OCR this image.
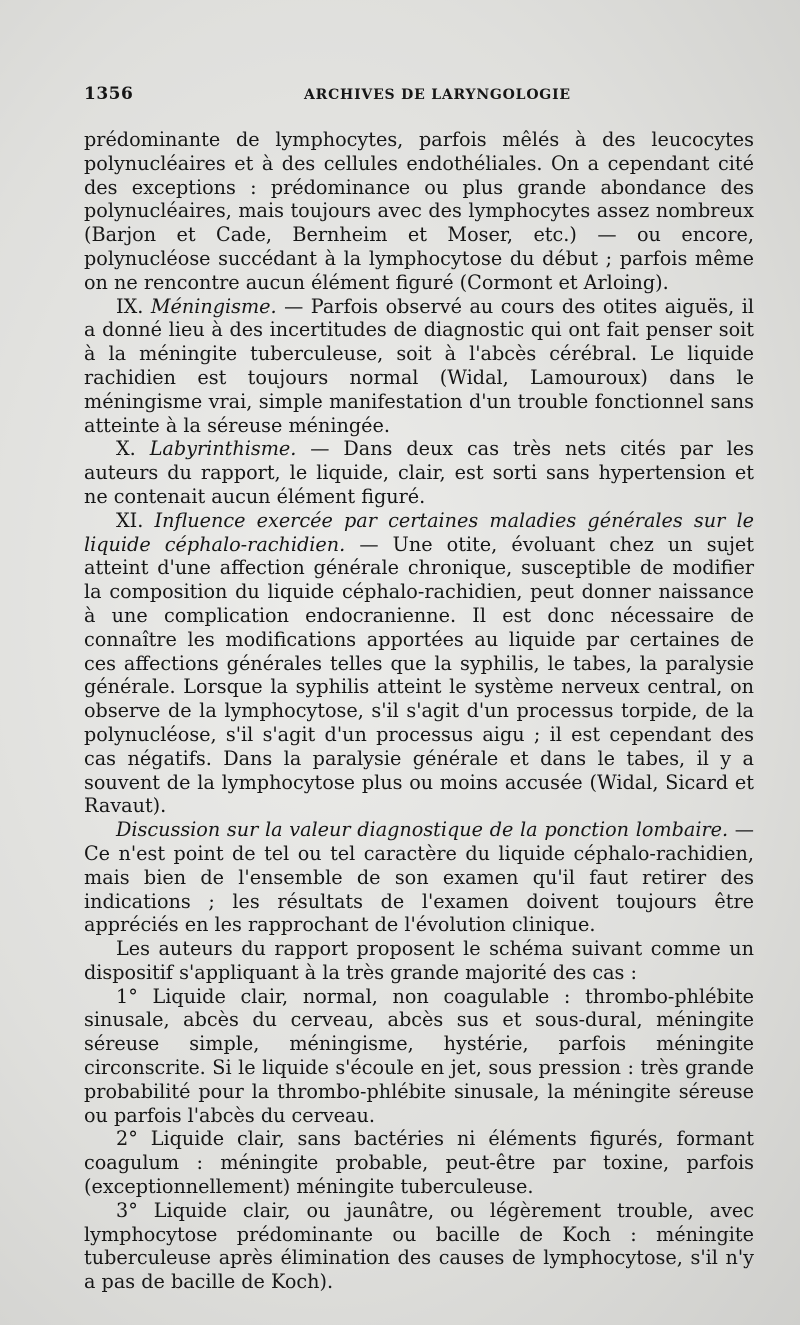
1356	ARCHIVES DE LARYNGOLOGIE

prédominante de lymphocytes, parfois mêlés à des leucocytes polynucléaires et à des cellules endothéliales. On a cependant cité des exceptions : prédominance ou plus grande abondance des polynucléaires, mais toujours avec des lymphocytes assez nombreux (Barjon et Cade, Bernheim et Moser, etc.) — ou encore, polynucléose succédant à la lymphocytose du début ; parfois même on ne rencontre aucun élément figuré (Cormont et Arloing).

IX. Méningisme. — Parfois observé au cours des otites aiguës, il a donné lieu à des incertitudes de diagnostic qui ont fait penser soit à la méningite tuberculeuse, soit à l'abcès cérébral. Le liquide rachidien est toujours normal (Widal, Lamouroux) dans le méningisme vrai, simple manifestation d'un trouble fonctionnel sans atteinte à la séreuse méningée.

X. Labyrinthisme. — Dans deux cas très nets cités par les auteurs du rapport, le liquide, clair, est sorti sans hypertension et ne contenait aucun élément figuré.

XI. Influence exercée par certaines maladies générales sur le liquide céphalo-rachidien. — Une otite, évoluant chez un sujet atteint d'une affection générale chronique, susceptible de modifier la composition du liquide céphalo-rachidien, peut donner naissance à une complication endocranienne. Il est donc nécessaire de connaître les modifications apportées au liquide par certaines de ces affections générales telles que la syphilis, le tabes, la paralysie générale. Lorsque la syphilis atteint le système nerveux central, on observe de la lymphocytose, s'il s'agit d'un processus torpide, de la polynucléose, s'il s'agit d'un processus aigu ; il est cependant des cas négatifs. Dans la paralysie générale et dans le tabes, il y a souvent de la lymphocytose plus ou moins accusée (Widal, Sicard et Ravaut).

Discussion sur la valeur diagnostique de la ponction lombaire. — Ce n'est point de tel ou tel caractère du liquide céphalo-rachidien, mais bien de l'ensemble de son examen qu'il faut retirer des indications ; les résultats de l'examen doivent toujours être appréciés en les rapprochant de l'évolution clinique.

Les auteurs du rapport proposent le schéma suivant comme un dispositif s'appliquant à la très grande majorité des cas :

1° Liquide clair, normal, non coagulable : thrombo-phlébite sinusale, abcès du cerveau, abcès sus et sous-dural, méningite séreuse simple, méningisme, hystérie, parfois méningite circonscrite. Si le liquide s'écoule en jet, sous pression : très grande probabilité pour la thrombo-phlébite sinusale, la méningite séreuse ou parfois l'abcès du cerveau.

2° Liquide clair, sans bactéries ni éléments figurés, formant coagulum : méningite probable, peut-être par toxine, parfois (exceptionnellement) méningite tuberculeuse.

3° Liquide clair, ou jaunâtre, ou légèrement trouble, avec lymphocytose prédominante ou bacille de Koch : méningite tuberculeuse après élimination des causes de lymphocytose, s'il n'y a pas de bacille de Koch).
